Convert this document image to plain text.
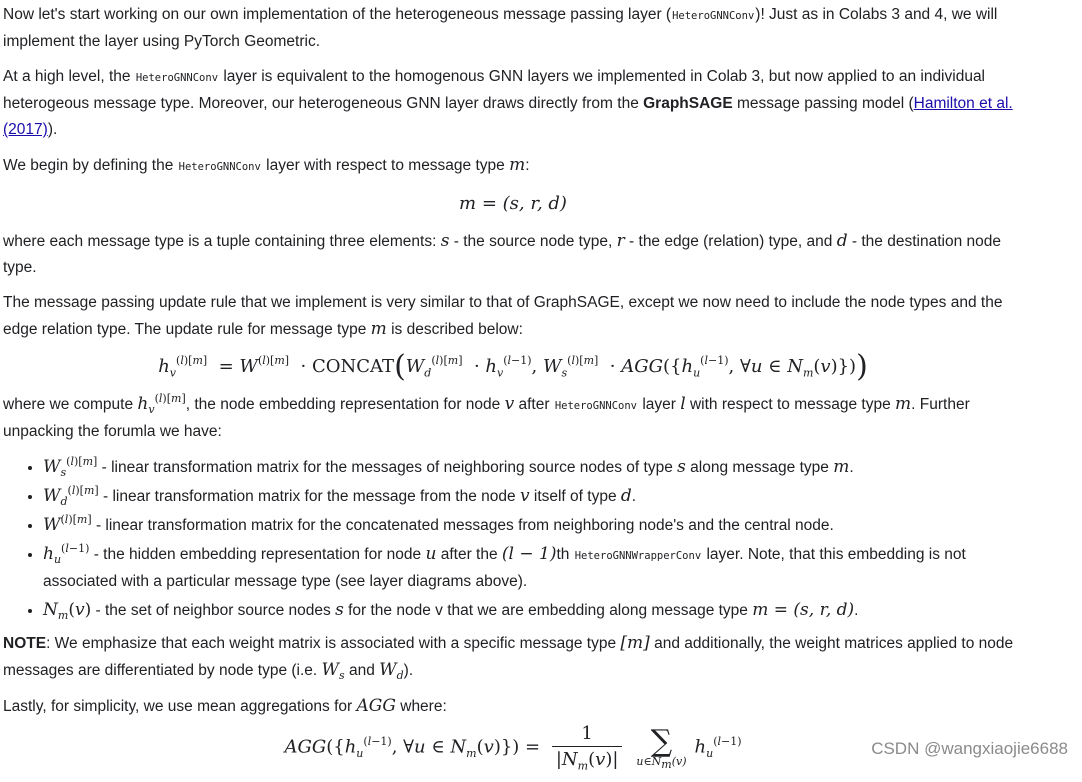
Now let's start working on our own implementation of the heterogeneous message passing layer (HeteroGNNConv)! Just as in Colabs 3 and 4, we will implement the layer using PyTorch Geometric.

At a high level, the HeteroGNNConv layer is equivalent to the homogenous GNN layers we implemented in Colab 3, but now applied to an individual heterogeous message type. Moreover, our heterogeneous GNN layer draws directly from the GraphSAGE message passing model (Hamilton et al. (2017)).

We begin by defining the HeteroGNNConv layer with respect to message type m:

m = (s, r, d)

where each message type is a tuple containing three elements: s - the source node type, r - the edge (relation) type, and d - the destination node type.

The message passing update rule that we implement is very similar to that of GraphSAGE, except we now need to include the node types and the edge relation type. The update rule for message type m is described below:

$h_v^{(l)[m]} = W^{(l)[m]}$  · $CONCAT(W_d^{(l)[m]} \cdot h_v^{(l-1)}$, $W_s^{(l)[m]} \cdot AGG(\{h_u^{(l-1)}$, ∀u ∈ $N_m(v)$}))

where we compute $h_v^{(l)[m]}$, the node embedding representation for node v after HeteroGNNConv layer l with respect to message type m. Further unpacking the forumla we have:

• $W_s^{(l)[m]}$ - linear transformation matrix for the messages of neighboring source nodes of type s along message type m.
• $W_d^{(l)[m]}$ - linear transformation matrix for the message from the node v itself of type d.
• $W^{(l)[m]}$ - linear transformation matrix for the concatenated messages from neighboring node's and the central node.
• $h_u^{(l-1)}$ - the hidden embedding representation for node u after the (l − 1)th HeteroGNNWrapperConv layer. Note, that this embedding is not associated with a particular message type (see layer diagrams above).
• $N_m(v)$ - the set of neighbor source nodes s for the node v that we are embedding along message type m = (s, r, d).

NOTE: We emphasize that each weight matrix is associated with a specific message type [m] and additionally, the weight matrices applied to node messages are differentiated by node type (i.e. $W_s$ and $W_d$).

Lastly, for simplicity, we use mean aggregations for AGG where:

$AGG(\{h_u^{(l-1)}$, ∀u ∈ $N_m(v)\}) = \frac{1}{|N_m(v)|}$ ∑
$u\in N_m(v)$
$h_u^{(l-1)}$	CSDN @wangxiaojie6688
